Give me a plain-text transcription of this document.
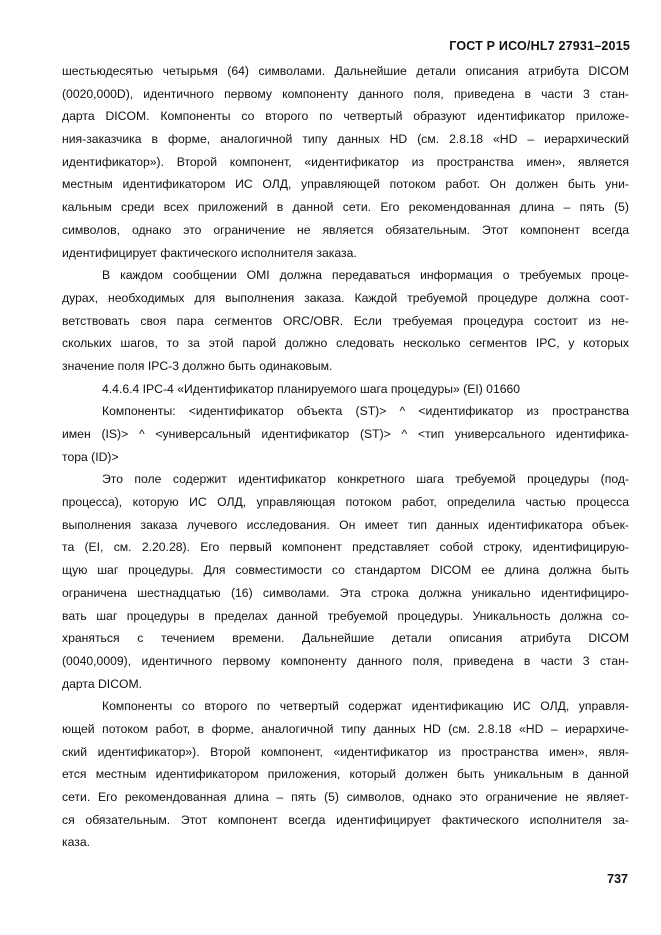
ГОСТ Р ИСО/HL7 27931–2015
шестьюдесятью четырьмя (64) символами. Дальнейшие детали описания атрибута DICOM
(0020,000D), идентичного первому компоненту данного поля, приведена в части 3 стан-
дарта DICOM. Компоненты со второго по четвертый образуют идентификатор приложе-
ния-заказчика в форме, аналогичной типу данных HD (см. 2.8.18 «HD – иерархический
идентификатор»). Второй компонент, «идентификатор из пространства имен», является
местным идентификатором ИС ОЛД, управляющей потоком работ. Он должен быть уни-
кальным среди всех приложений в данной сети. Его рекомендованная длина – пять (5)
символов, однако это ограничение не является обязательным. Этот компонент всегда
идентифицирует фактического исполнителя заказа.
В каждом сообщении OMI должна передаваться информация о требуемых проце-
дурах, необходимых для выполнения заказа. Каждой требуемой процедуре должна соот-
ветствовать своя пара сегментов ORC/OBR. Если требуемая процедура состоит из не-
скольких шагов, то за этой парой должно следовать несколько сегментов IPC, у которых
значение поля IPC-3 должно быть одинаковым.
4.4.6.4 IPC-4 «Идентификатор планируемого шага процедуры» (EI) 01660
Компоненты: <идентификатор объекта (ST)> ^ <идентификатор из пространства
имен (IS)> ^ <универсальный идентификатор (ST)> ^ <тип универсального идентифика-
тора (ID)>
Это поле содержит идентификатор конкретного шага требуемой процедуры (под-
процесса), которую ИС ОЛД, управляющая потоком работ, определила частью процесса
выполнения заказа лучевого исследования. Он имеет тип данных идентификатора объек-
та (EI, см. 2.20.28). Его первый компонент представляет собой строку, идентифицирую-
щую шаг процедуры. Для совместимости со стандартом DICOM ее длина должна быть
ограничена шестнадцатью (16) символами. Эта строка должна уникально идентифициро-
вать шаг процедуры в пределах данной требуемой процедуры. Уникальность должна со-
храняться с течением времени. Дальнейшие детали описания атрибута DICOM
(0040,0009), идентичного первому компоненту данного поля, приведена в части 3 стан-
дарта DICOM.
Компоненты со второго по четвертый содержат идентификацию ИС ОЛД, управля-
ющей потоком работ, в форме, аналогичной типу данных HD (см. 2.8.18 «HD – иерархиче-
ский идентификатор»). Второй компонент, «идентификатор из пространства имен», явля-
ется местным идентификатором приложения, который должен быть уникальным в данной
сети. Его рекомендованная длина – пять (5) символов, однако это ограничение не являет-
ся обязательным. Этот компонент всегда идентифицирует фактического исполнителя за-
каза.
737
